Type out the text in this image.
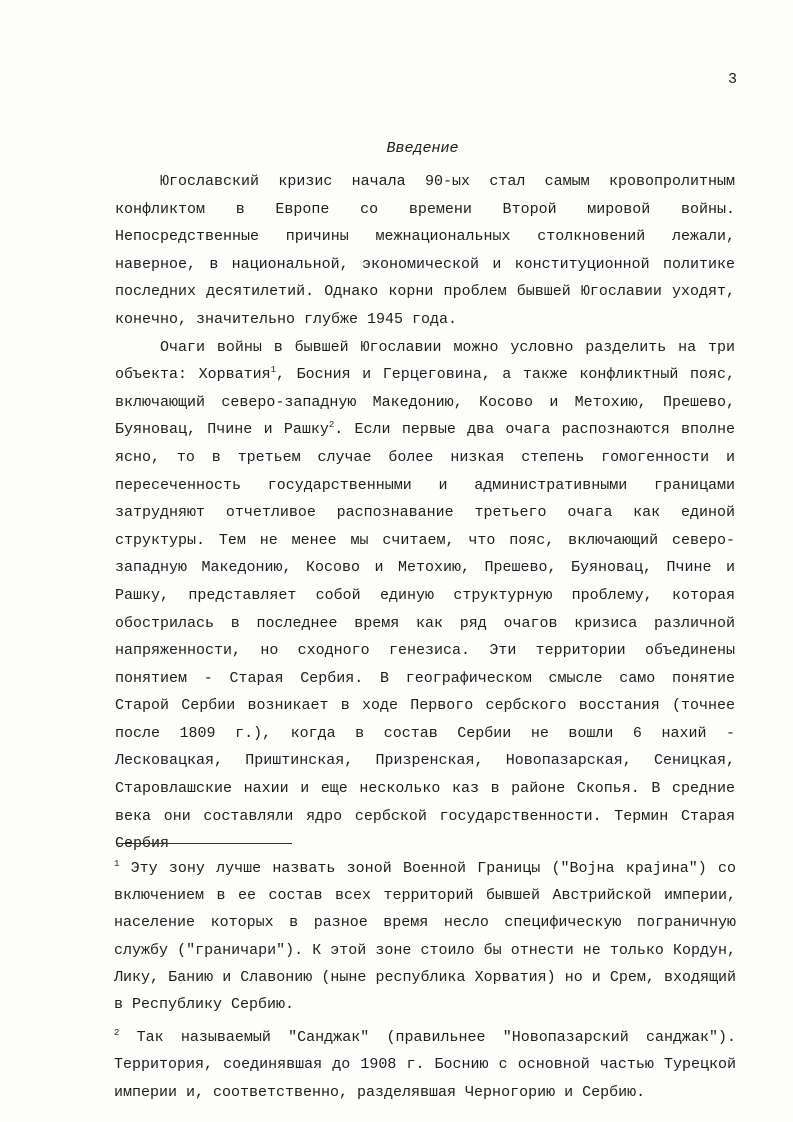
3
Введение

Югославский кризис начала 90-ых стал самым кровопролитным конфликтом в Европе со времени Второй мировой войны. Непосредственные причины межнациональных столкновений лежали, наверное, в национальной, экономической и конституционной политике последних десятилетий. Однако корни проблем бывшей Югославии уходят, конечно, значительно глубже 1945 года.

Очаги войны в бывшей Югославии можно условно разделить на три объекта: Хорватия$^1$, Босния и Герцеговина, а также конфликтный пояс, включающий северо-западную Македонию, Косово и Метохию, Прешево, Буяновац, Пчине и Рашку$^2$. Если первые два очага распознаются вполне ясно, то в третьем случае более низкая степень гомогенности и пересеченность государственными и административными границами затрудняют отчетливое распознавание третьего очага как единой структуры. Тем не менее мы считаем, что пояс, включающий северо-западную Македонию, Косово и Метохию, Прешево, Буяновац, Пчине и Рашку, представляет собой единую структурную проблему, которая обострилась в последнее время как ряд очагов кризиса различной напряженности, но сходного генезиса. Эти территории объединены понятием - Старая Сербия. В географическом смысле само понятие Старой Сербии возникает в ходе Первого сербского восстания (точнее после 1809 г.), когда в состав Сербии не вошли 6 нахий - Лесковацкая, Приштинская, Призренская, Новопазарская, Сеницкая, Старовлашские нахии и еще несколько каз в районе Скопья. В средние века они составляли ядро сербской государственности. Термин Старая Сербия

$^1$ Эту зону лучше назвать зоной Военной Границы ("Војна крајина") со включением в ее состав всех территорий бывшей Австрийской империи, население которых в разное время несло специфическую пограничную службу ("граничари"). К этой зоне стоило бы отнести не только Кордун, Лику, Банию и Славонию (ныне республика Хорватия) но и Срем, входящий в Республику Сербию.

$^2$ Так называемый "Санджак" (правильнее "Новопазарский санджак"). Территория, соединявшая до 1908 г. Боснию с основной частью Турецкой империи и, соответственно, разделявшая Черногорию и Сербию.
